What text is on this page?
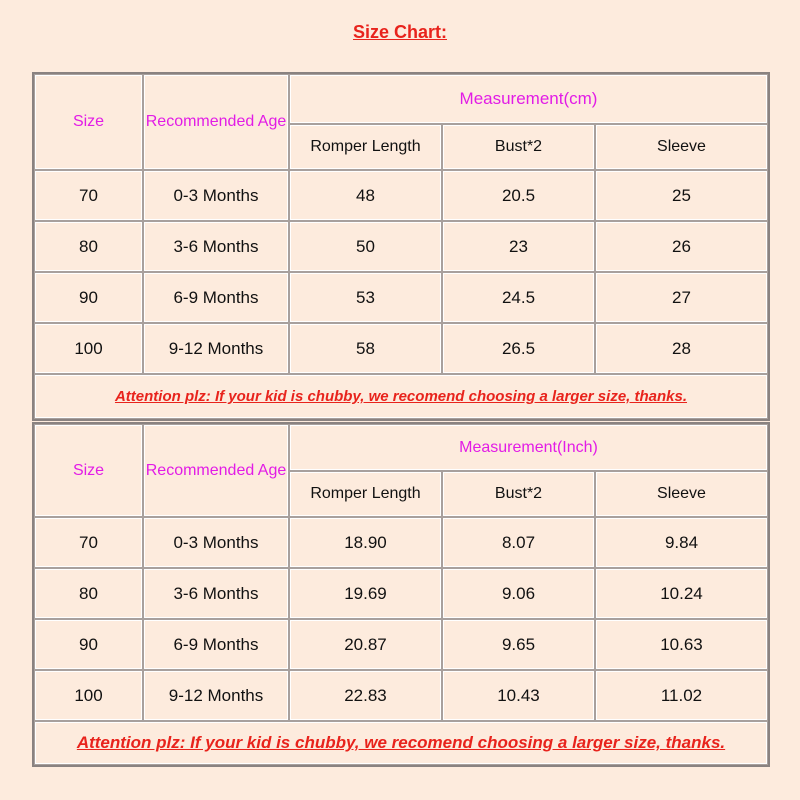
Size Chart:
Size	Recommended Age	Measurement(cm)		
		Romper Length	Bust*2	Sleeve
70	0-3 Months	48	20.5	25
80	3-6 Months	50	23	26
90	6-9 Months	53	24.5	27
100	9-12 Months	58	26.5	28
Attention plz: If your kid is chubby, we recomend choosing a larger size, thanks.				
Size	Recommended Age	Measurement(Inch)		
		Romper Length	Bust*2	Sleeve
70	0-3 Months	18.90	8.07	9.84
80	3-6 Months	19.69	9.06	10.24
90	6-9 Months	20.87	9.65	10.63
100	9-12 Months	22.83	10.43	11.02
Attention plz: If your kid is chubby, we recomend choosing a larger size, thanks.				
